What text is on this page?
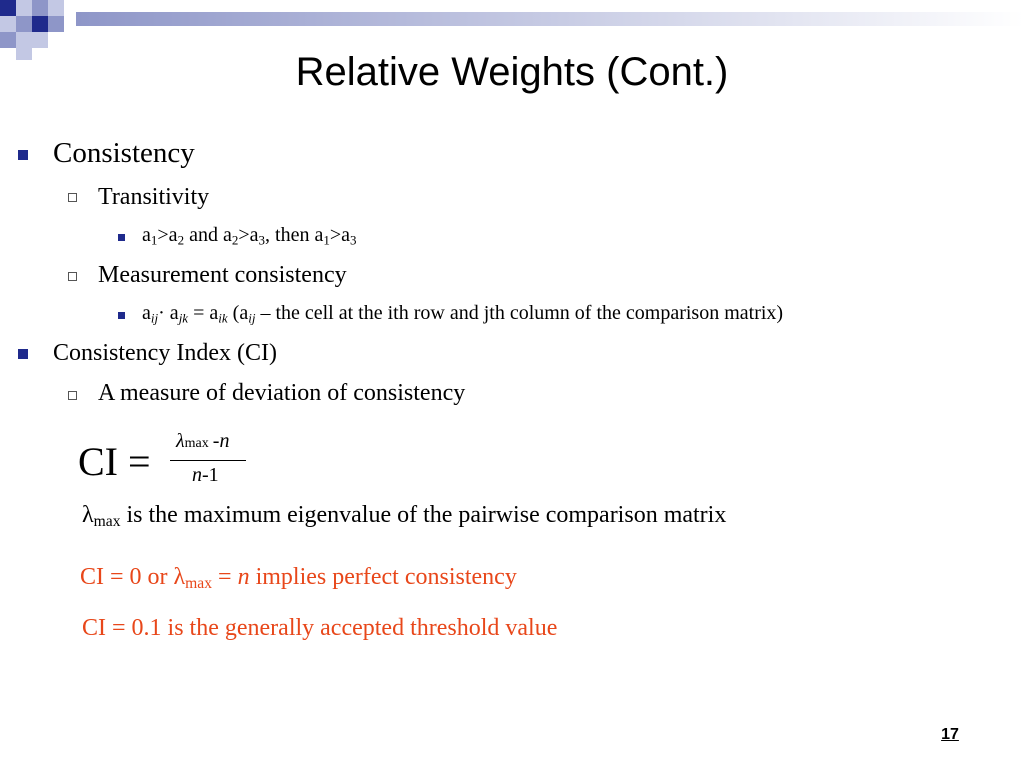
Relative Weights (Cont.)
Consistency
Transitivity
$a_1>a_2$ and $a_2>a_3$, then $a_1>a_3$
Measurement consistency
$a_{ij}\cdot a_{jk} = a_{ik}$ ($a_{ij}$ – the cell at the ith row and jth column of the comparison matrix)
Consistency Index (CI)
A measure of deviation of consistency
CI = λmax -n
n-1
$\lambda_{max}$ is the maximum eigenvalue of the pairwise comparison matrix
CI = 0 or $\lambda_{max} = n$ implies perfect consistency
CI = 0.1 is the generally accepted threshold value
17
